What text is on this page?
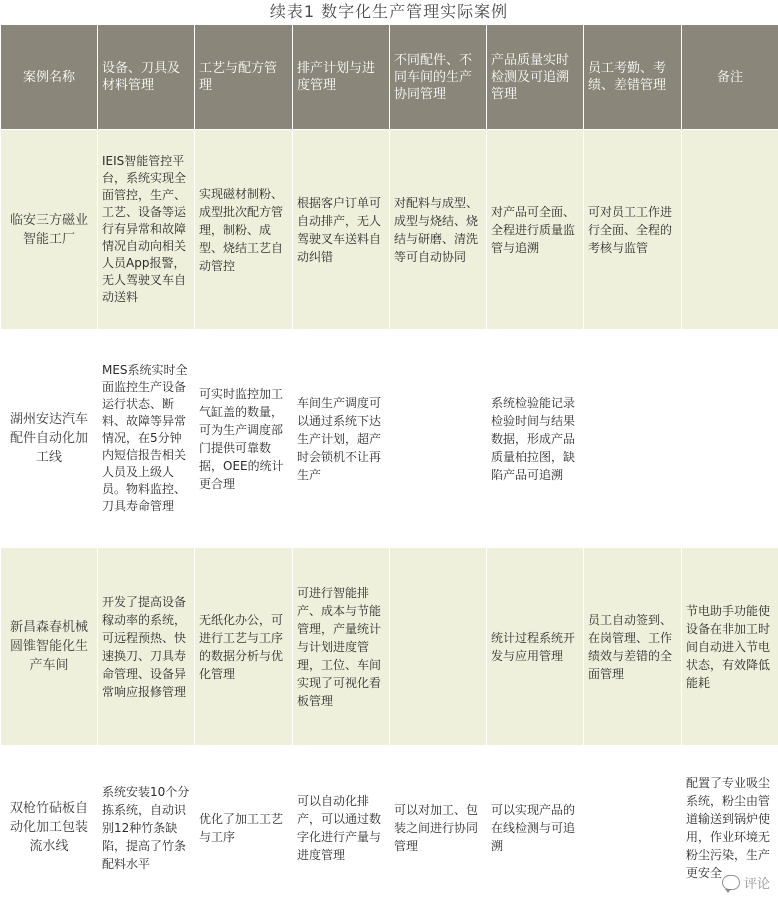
续表1 数字化生产管理实际案例
案例名称	设备、刀具及材料管理	工艺与配方管理	排产计划与进度管理	不同配件、不同车间的生产协同管理	产品质量实时检测及可追溯管理	员工考勤、考绩、差错管理	备注
临安三方磁业智能工厂	IEIS智能管控平台，系统实现全面管控，生产、工艺、设备等运行有异常和故障情况自动向相关人员App报警，无人驾驶叉车自动送料	实现磁材制粉、成型批次配方管理，制粉、成型、烧结工艺自动管控	根据客户订单可自动排产，无人驾驶叉车送料自动纠错	对配料与成型、成型与烧结、烧结与研磨、清洗等可自动协同	对产品可全面、全程进行质量监管与追溯	可对员工工作进行全面、全程的考核与监管	
湖州安达汽车配件自动化加工线	MES系统实时全面监控生产设备运行状态、断料、故障等异常情况，在5分钟内短信报告相关人员及上级人员。物料监控、刀具寿命管理	可实时监控加工气缸盖的数量，可为生产调度部门提供可靠数据，OEE的统计更合理	车间生产调度可以通过系统下达生产计划，超产时会锁机不让再生产		系统检验能记录检验时间与结果数据，形成产品质量柏拉图，缺陷产品可追溯		
新昌森春机械圆锥智能化生产车间	开发了提高设备稼动率的系统，可远程预热、快速换刀、刀具寿命管理、设备异常响应报修管理	无纸化办公，可进行工艺与工序的数据分析与优化管理	可进行智能排产、成本与节能管理，产量统计与计划进度管理，工位、车间实现了可视化看板管理		统计过程系统开发与应用管理	员工自动签到、在岗管理、工作绩效与差错的全面管理	节电助手功能使设备在非加工时间自动进入节电状态，有效降低能耗
双枪竹砧板自动化加工包装流水线	系统安装10个分拣系统，自动识别12种竹条缺陷，提高了竹条配料水平	优化了加工工艺与工序	可以自动化排产，可以通过数字化进行产量与进度管理	可以对加工、包装之间进行协同管理	可以实现产品的在线检测与可追溯		配置了专业吸尘系统，粉尘由管道输送到锅炉使用，作业环境无粉尘污染，生产更安全
评论
